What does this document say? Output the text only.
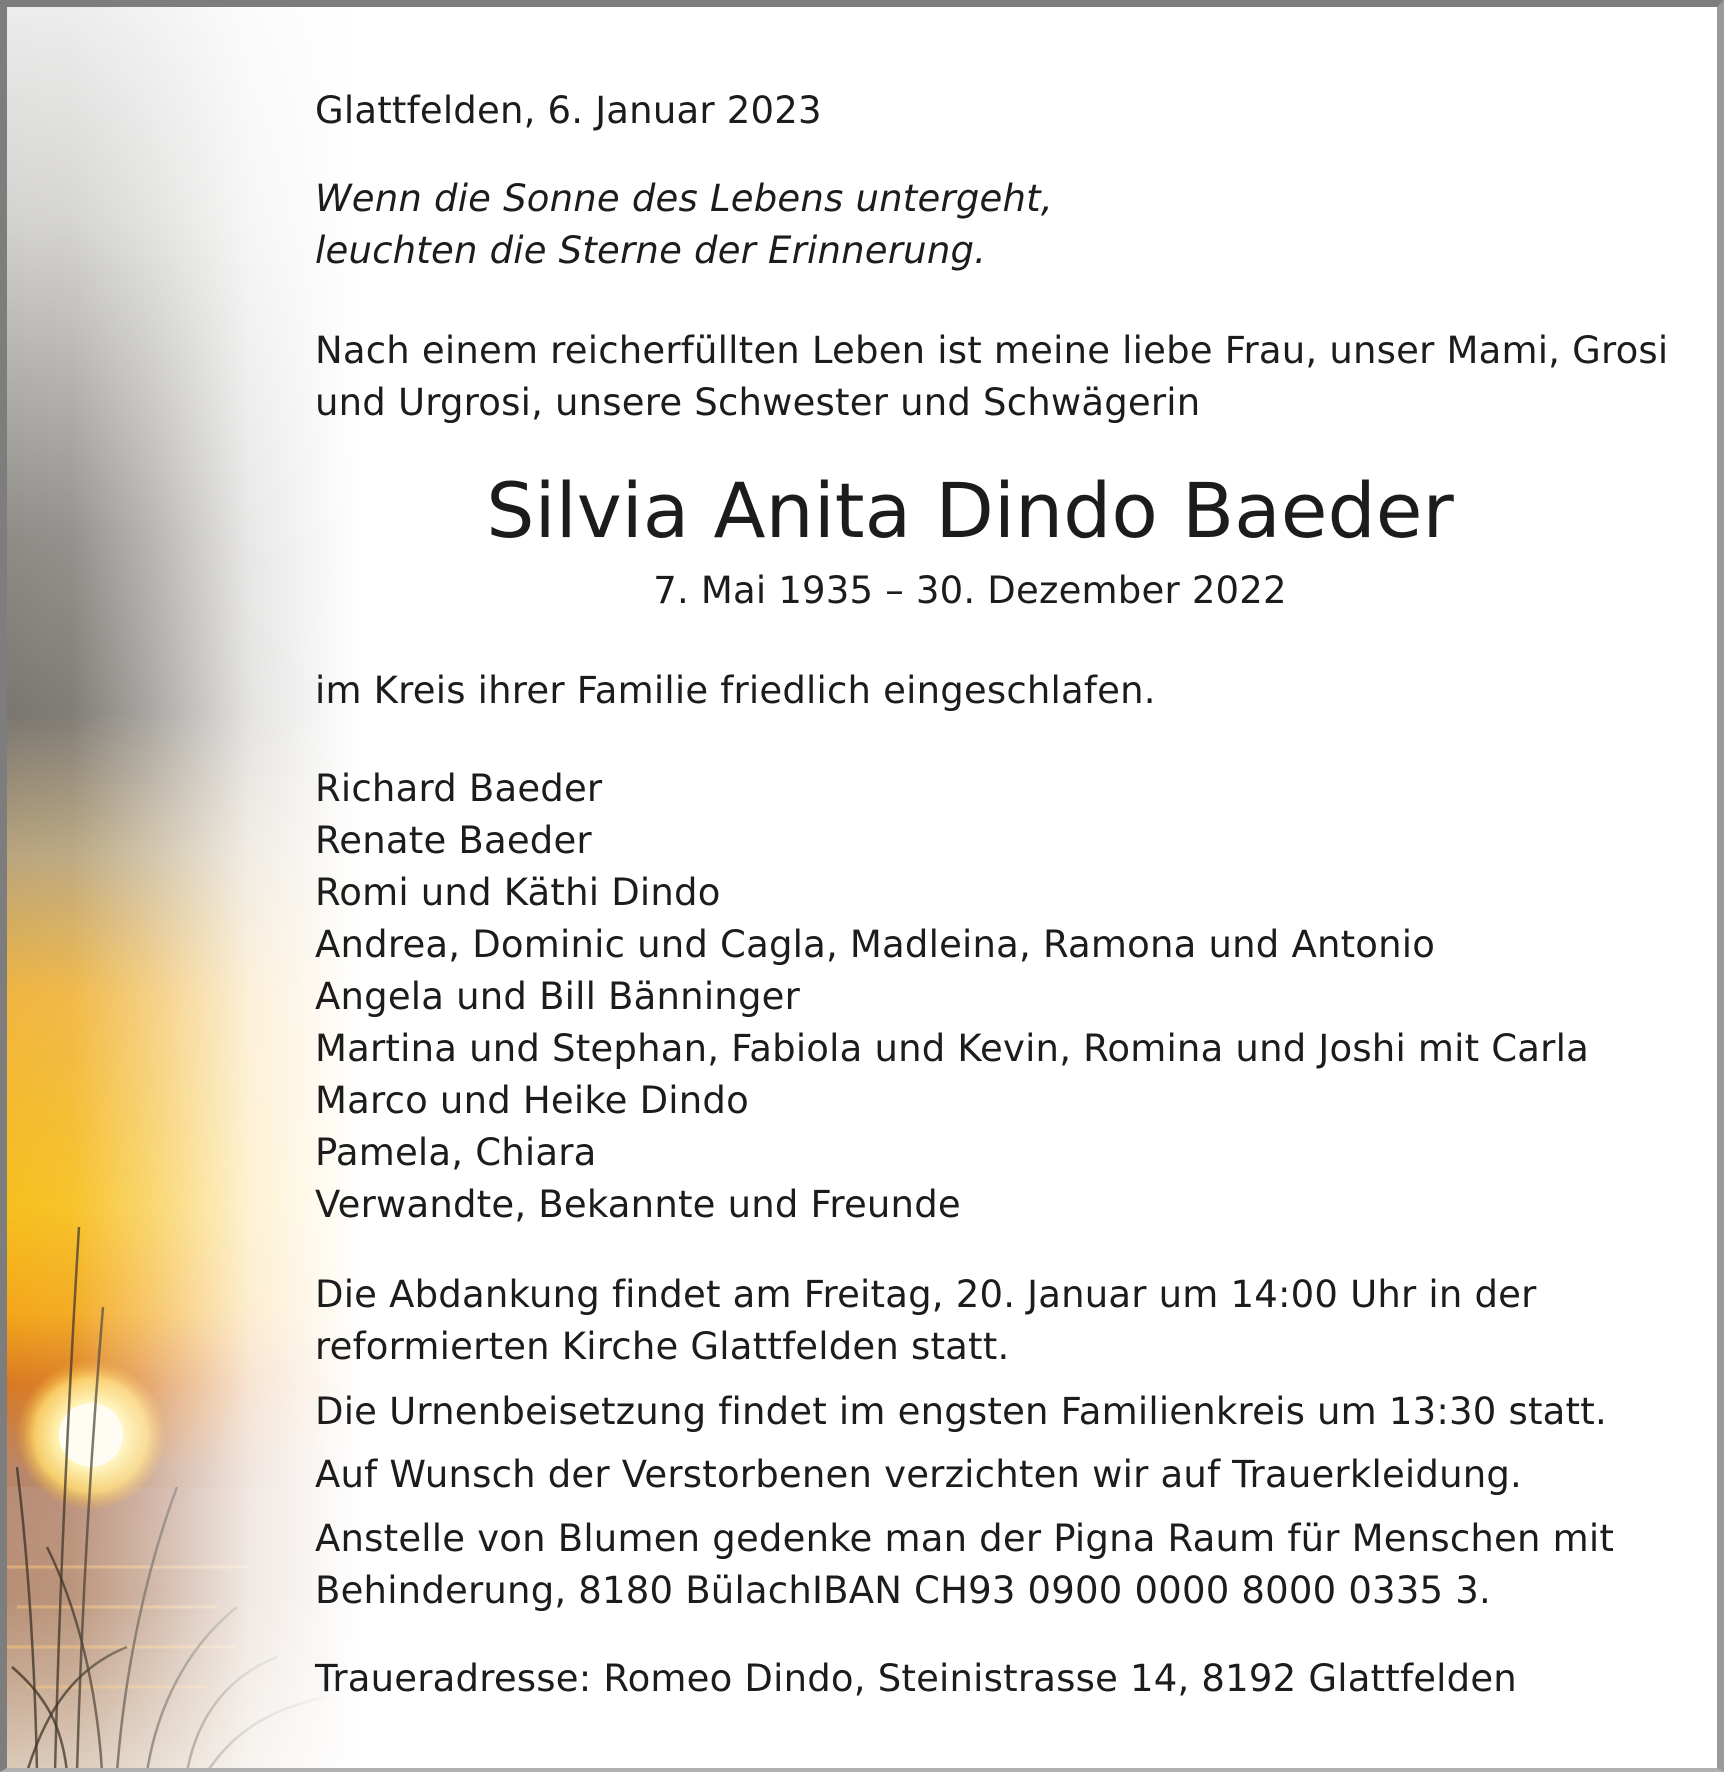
Glattfelden, 6. Januar 2023
Wenn die Sonne des Lebens untergeht,
leuchten die Sterne der Erinnerung.
Nach einem reicherfüllten Leben ist meine liebe Frau, unser Mami, Grosi
und Urgrosi, unsere Schwester und Schwägerin
Silvia Anita Dindo Baeder
7. Mai 1935 – 30. Dezember 2022
im Kreis ihrer Familie friedlich eingeschlafen.
Richard Baeder
Renate Baeder
Romi und Käthi Dindo
Andrea, Dominic und Cagla, Madleina, Ramona und Antonio
Angela und Bill Bänninger
Martina und Stephan, Fabiola und Kevin, Romina und Joshi mit Carla
Marco und Heike Dindo
Pamela, Chiara
Verwandte, Bekannte und Freunde
Die Abdankung findet am Freitag, 20. Januar um 14:00 Uhr in der
reformierten Kirche Glattfelden statt.
Die Urnenbeisetzung findet im engsten Familienkreis um 13:30 statt.
Auf Wunsch der Verstorbenen verzichten wir auf Trauerkleidung.
Anstelle von Blumen gedenke man der Pigna Raum für Menschen mit
Behinderung, 8180 BülachIBAN CH93 0900 0000 8000 0335 3.
Traueradresse: Romeo Dindo, Steinistrasse 14, 8192 Glattfelden
